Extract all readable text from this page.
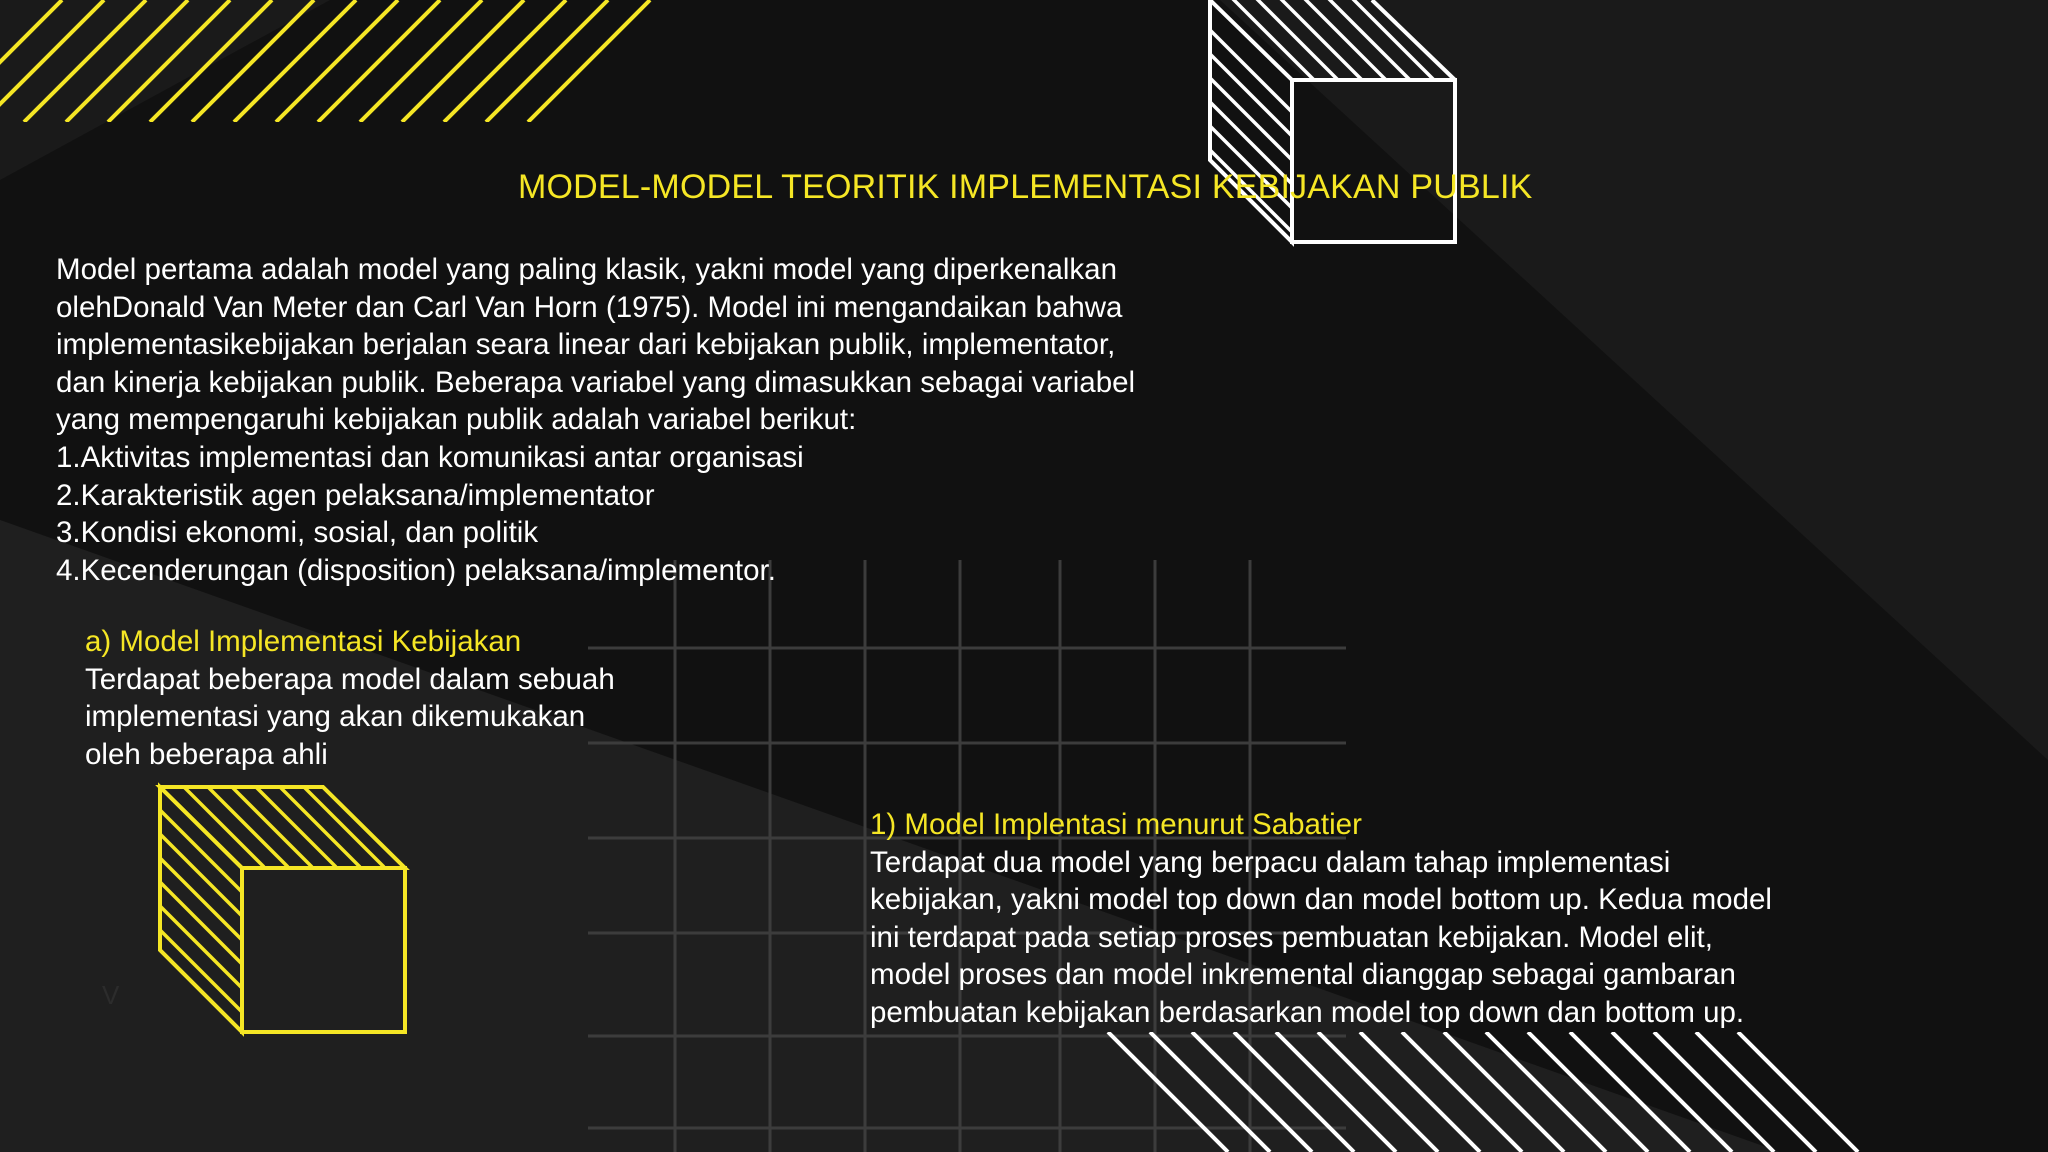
MODEL-MODEL TEORITIK IMPLEMENTASI KEBIJAKAN PUBLIK

Model pertama adalah model yang paling klasik, yakni model yang diperkenalkan

olehDonald Van Meter dan Carl Van Horn (1975). Model ini mengandaikan bahwa

implementasikebijakan berjalan seara linear dari kebijakan publik, implementator,

dan kinerja kebijakan publik. Beberapa variabel yang dimasukkan sebagai variabel

yang mempengaruhi kebijakan publik adalah variabel berikut:

1.Aktivitas implementasi dan komunikasi antar organisasi

2.Karakteristik agen pelaksana/implementator

3.Kondisi ekonomi, sosial, dan politik

4.Kecenderungan (disposition) pelaksana/implementor.

a) Model Implementasi Kebijakan

Terdapat beberapa model dalam sebuah

implementasi yang akan dikemukakan

oleh beberapa ahli

1) Model Implentasi menurut Sabatier

Terdapat dua model yang berpacu dalam tahap implementasi

kebijakan, yakni model top down dan model bottom up. Kedua model

ini terdapat pada setiap proses pembuatan kebijakan. Model elit,

model proses dan model inkremental dianggap sebagai gambaran

pembuatan kebijakan berdasarkan model top down dan bottom up.

V
